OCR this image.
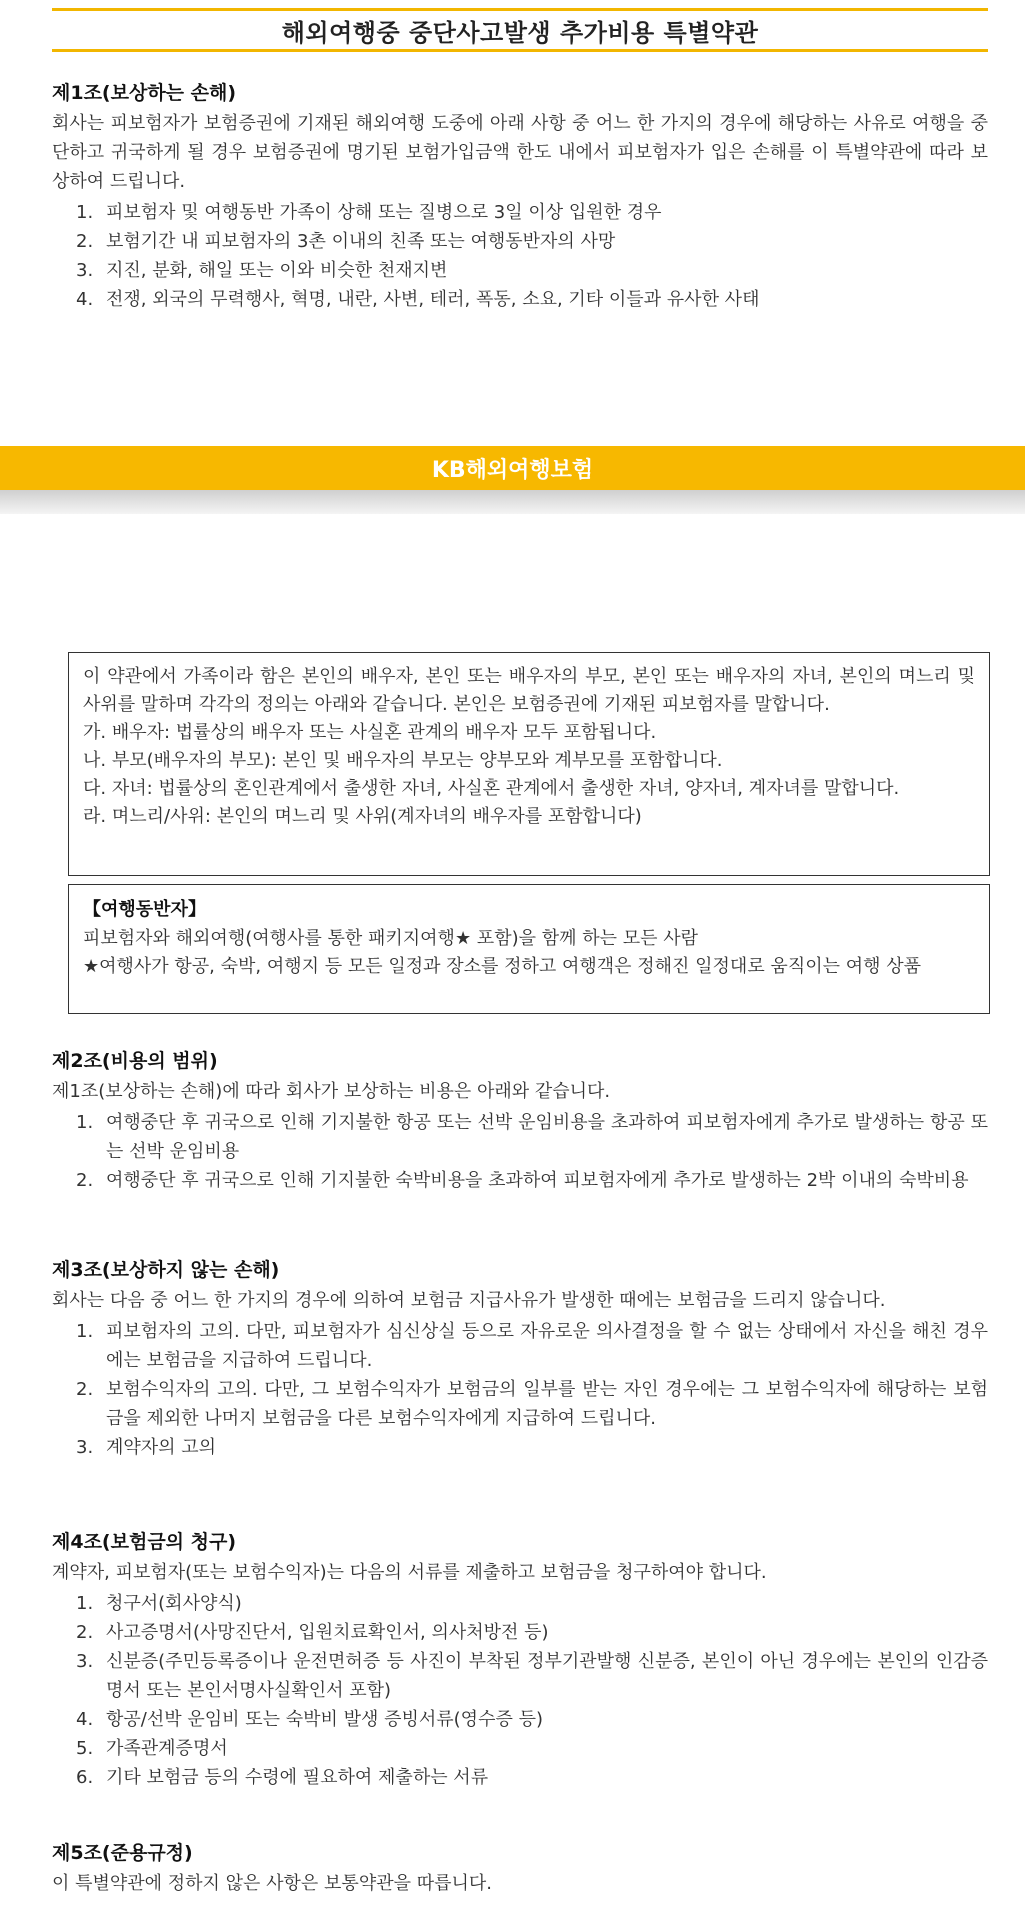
해외여행중 중단사고발생 추가비용 특별약관
제1조(보상하는 손해)

회사는 피보험자가 보험증권에 기재된 해외여행 도중에 아래 사항 중 어느 한 가지의 경우에 해당하는 사유로 여행을 중단하고 귀국하게 될 경우 보험증권에 명기된 보험가입금액 한도 내에서 피보험자가 입은 손해를 이 특별약관에 따라 보상하여 드립니다.

1. 피보험자 및 여행동반 가족이 상해 또는 질병으로 3일 이상 입원한 경우
2. 보험기간 내 피보험자의 3촌 이내의 친족 또는 여행동반자의 사망
3. 지진, 분화, 해일 또는 이와 비슷한 천재지변
4. 전쟁, 외국의 무력행사, 혁명, 내란, 사변, 테러, 폭동, 소요, 기타 이들과 유사한 사태
KB해외여행보험

이 약관에서 가족이라 함은 본인의 배우자, 본인 또는 배우자의 부모, 본인 또는 배우자의 자녀, 본인의 며느리 및 사위를 말하며 각각의 정의는 아래와 같습니다. 본인은 보험증권에 기재된 피보험자를 말합니다.

가. 배우자: 법률상의 배우자 또는 사실혼 관계의 배우자 모두 포함됩니다.
나. 부모(배우자의 부모): 본인 및 배우자의 부모는 양부모와 계부모를 포함합니다.
다. 자녀: 법률상의 혼인관계에서 출생한 자녀, 사실혼 관계에서 출생한 자녀, 양자녀, 계자녀를 말합니다.
라. 며느리/사위: 본인의 며느리 및 사위(계자녀의 배우자를 포함합니다)
【여행동반자】

피보험자와 해외여행(여행사를 통한 패키지여행★ 포함)을 함께 하는 모든 사람

★여행사가 항공, 숙박, 여행지 등 모든 일정과 장소를 정하고 여행객은 정해진 일정대로 움직이는 여행 상품

제2조(비용의 범위)

제1조(보상하는 손해)에 따라 회사가 보상하는 비용은 아래와 같습니다.

1. 여행중단 후 귀국으로 인해 기지불한 항공 또는 선박 운임비용을 초과하여 피보험자에게 추가로 발생하는 항공 또는 선박 운임비용
2. 여행중단 후 귀국으로 인해 기지불한 숙박비용을 초과하여 피보험자에게 추가로 발생하는 2박 이내의 숙박비용
제3조(보상하지 않는 손해)

회사는 다음 중 어느 한 가지의 경우에 의하여 보험금 지급사유가 발생한 때에는 보험금을 드리지 않습니다.

1. 피보험자의 고의. 다만, 피보험자가 심신상실 등으로 자유로운 의사결정을 할 수 없는 상태에서 자신을 해친 경우에는 보험금을 지급하여 드립니다.
2. 보험수익자의 고의. 다만, 그 보험수익자가 보험금의 일부를 받는 자인 경우에는 그 보험수익자에 해당하는 보험금을 제외한 나머지 보험금을 다른 보험수익자에게 지급하여 드립니다.
3. 계약자의 고의
제4조(보험금의 청구)

계약자, 피보험자(또는 보험수익자)는 다음의 서류를 제출하고 보험금을 청구하여야 합니다.

1. 청구서(회사양식)
2. 사고증명서(사망진단서, 입원치료확인서, 의사처방전 등)
3. 신분증(주민등록증이나 운전면허증 등 사진이 부착된 정부기관발행 신분증, 본인이 아닌 경우에는 본인의 인감증명서 또는 본인서명사실확인서 포함)
4. 항공/선박 운임비 또는 숙박비 발생 증빙서류(영수증 등)
5. 가족관계증명서
6. 기타 보험금 등의 수령에 필요하여 제출하는 서류
제5조(준용규정)

이 특별약관에 정하지 않은 사항은 보통약관을 따릅니다.
